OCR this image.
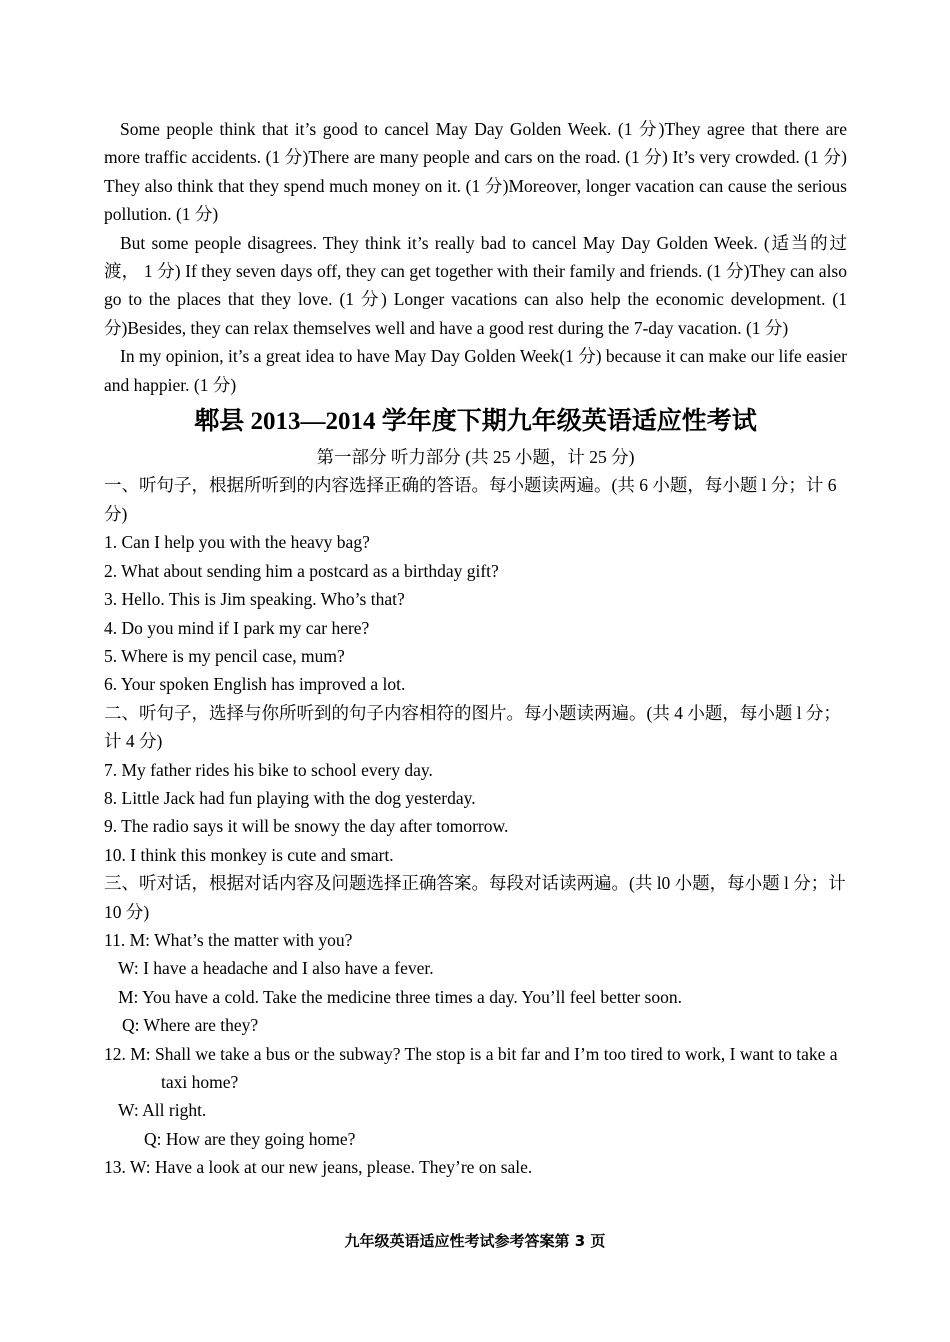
Some people think that it’s good to cancel May Day Golden Week. (1 分)They agree that there are more traffic accidents. (1 分)There are many people and cars on the road. (1 分) It’s very crowded. (1 分) They also think that they spend much money on it. (1 分)Moreover, longer vacation can cause the serious pollution. (1 分)

But some people disagrees. They think it’s really bad to cancel May Day Golden Week. (适当的过渡， 1 分) If they seven days off, they can get together with their family and friends. (1 分)They can also go to the places that they love. (1 分) Longer vacations can also help the economic development. (1 分)Besides, they can relax themselves well and have a good rest during the 7-day vacation. (1 分)

In my opinion, it’s a great idea to have May Day Golden Week(1 分) because it can make our life easier and happier. (1 分)

郫县 2013—2014 学年度下期九年级英语适应性考试
第一部分 听力部分 (共 25 小题，计 25 分)

一、听句子，根据所听到的内容选择正确的答语。每小题读两遍。(共 6 小题，每小题 l 分；计 6 分)

1. Can I help you with the heavy bag?

2. What about sending him a postcard as a birthday gift?

3. Hello. This is Jim speaking. Who’s that?

4. Do you mind if I park my car here?

5. Where is my pencil case, mum?

6. Your spoken English has improved a lot.

二、听句子，选择与你所听到的句子内容相符的图片。每小题读两遍。(共 4 小题，每小题 l 分；计 4 分)

7. My father rides his bike to school every day.

8. Little Jack had fun playing with the dog yesterday.

9. The radio says it will be snowy the day after tomorrow.

10. I think this monkey is cute and smart.

三、听对话，根据对话内容及问题选择正确答案。每段对话读两遍。(共 l0 小题，每小题 l 分；计 10 分)

11. M: What’s the matter with you?

W: I have a headache and I also have a fever.

M: You have a cold. Take the medicine three times a day. You’ll feel better soon.

Q: Where are they?

12. M: Shall we take a bus or the subway? The stop is a bit far and I’m too tired to work, I want to take a taxi home?

W: All right.

Q: How are they going home?

13. W: Have a look at our new jeans, please. They’re on sale.

九年级英语适应性考试参考答案第 3 页
